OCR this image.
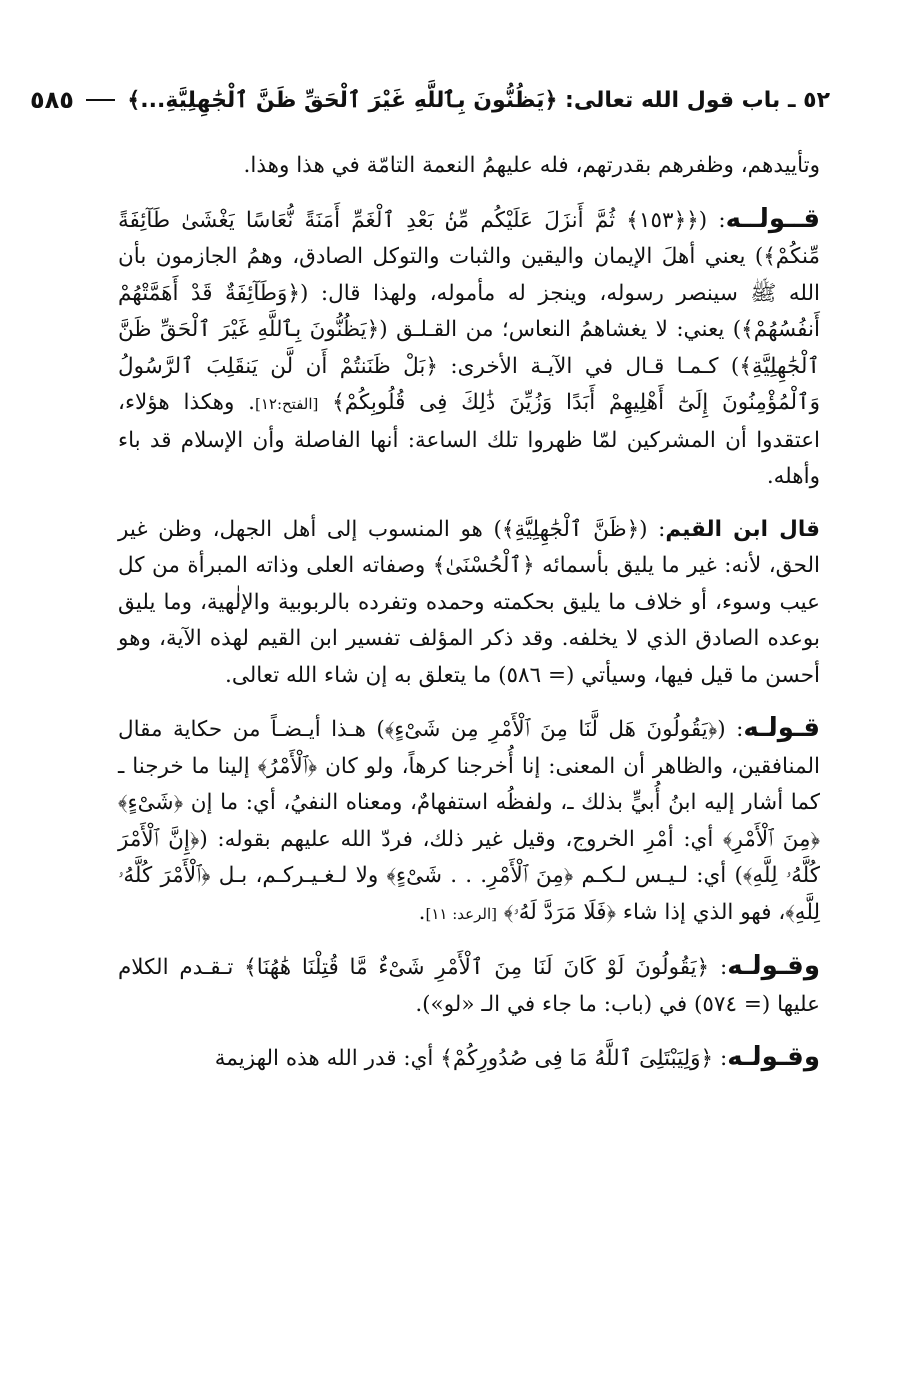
٥٢ ـ باب قول الله تعالى: ﴿يَظُنُّونَ بِٱللَّهِ غَيْرَ ٱلْحَقِّ ظَنَّ ٱلْجَٰهِلِيَّةِ...﴾
٥٨٥

وتأييدهم، وظفرهم بقدرتهم، فله عليهمُ النعمة التامّة في هذا وهذا.

قــولــه: (﴿﴿١٥٣﴾ ثُمَّ أَنزَلَ عَلَيْكُم مِّنۢ بَعْدِ ٱلْغَمِّ أَمَنَةً نُّعَاسًا يَغْشَىٰ طَآئِفَةً مِّنكُمْ﴾) يعني أهلَ الإيمان واليقين والثبات والتوكل الصادق، وهمُ الجازمون بأن الله ﷺ سينصر رسوله، وينجز له مأموله، ولهذا قال: (﴿وَطَآئِفَةٌ قَدْ أَهَمَّتْهُمْ أَنفُسُهُمْ﴾) يعني: لا يغشاهمُ النعاس؛ من القـلـق (﴿يَظُنُّونَ بِٱللَّهِ غَيْرَ ٱلْحَقِّ ظَنَّ ٱلْجَٰهِلِيَّةِ﴾) كـمـا قـال في الآيـة الأخرى: ﴿بَلْ ظَنَنتُمْ أَن لَّن يَنقَلِبَ ٱلرَّسُولُ وَٱلْمُؤْمِنُونَ إِلَىٰٓ أَهْلِيهِمْ أَبَدًا وَزُيِّنَ ذَٰلِكَ فِى قُلُوبِكُمْ﴾ [الفتح:١٢]. وهكذا هؤلاء، اعتقدوا أن المشركين لمّا ظهروا تلك الساعة: أنها الفاصلة وأن الإسلام قد باء وأهله.

قال ابن القيم: (﴿ظَنَّ ٱلْجَٰهِلِيَّةِ﴾) هو المنسوب إلى أهل الجهل، وظن غير الحق، لأنه: غير ما يليق بأسمائه ﴿ٱلْحُسْنَىٰ﴾ وصفاته العلى وذاته المبرأة من كل عيب وسوء، أو خلاف ما يليق بحكمته وحمده وتفرده بالربوبية والإلٰهية، وما يليق بوعده الصادق الذي لا يخلفه. وقد ذكر المؤلف تفسير ابن القيم لهذه الآية، وهو أحسن ما قيل فيها، وسيأتي (= ٥٨٦) ما يتعلق به إن شاء الله تعالى.

قـولـه: (﴿يَقُولُونَ هَل لَّنَا مِنَ ٱلْأَمْرِ مِن شَىْءٍ﴾) هـذا أيـضـاً من حكاية مقال المنافقين، والظاهر أن المعنى: إنا أُخرجنا كرهاً، ولو كان ﴿ٱلْأَمْرُ﴾ إلينا ما خرجنا ـ كما أشار إليه ابنُ أُبيٍّ بذلك ـ، ولفظُه استفهامٌ، ومعناه النفيُ، أي: ما إن ﴿شَىْءٍ﴾ ﴿مِنَ ٱلْأَمْرِ﴾ أي: أمْرِ الخروج، وقيل غير ذلك، فردّ الله عليهم بقوله: (﴿إِنَّ ٱلْأَمْرَ كُلَّهُۥ لِلَّهِ﴾) أي: لـيـس لـكـم ﴿مِنَ ٱلْأَمْرِ. . . شَىْءٍ﴾ ولا لـغـيـركـم، بـل ﴿ٱلْأَمْرَ كُلَّهُۥ لِلَّهِ﴾، فهو الذي إذا شاء ﴿فَلَا مَرَدَّ لَهُۥ﴾ [الرعد: ١١].

وقـولـه: ﴿يَقُولُونَ لَوْ كَانَ لَنَا مِنَ ٱلْأَمْرِ شَىْءٌ مَّا قُتِلْنَا هَٰهُنَا﴾ تـقـدم الكلام عليها (= ٥٧٤) في (باب: ما جاء في الـ «لو»).

وقـولـه: ﴿وَلِيَبْتَلِىَ ٱللَّهُ مَا فِى صُدُورِكُمْ﴾ أي: قدر الله هذه الهزيمة
